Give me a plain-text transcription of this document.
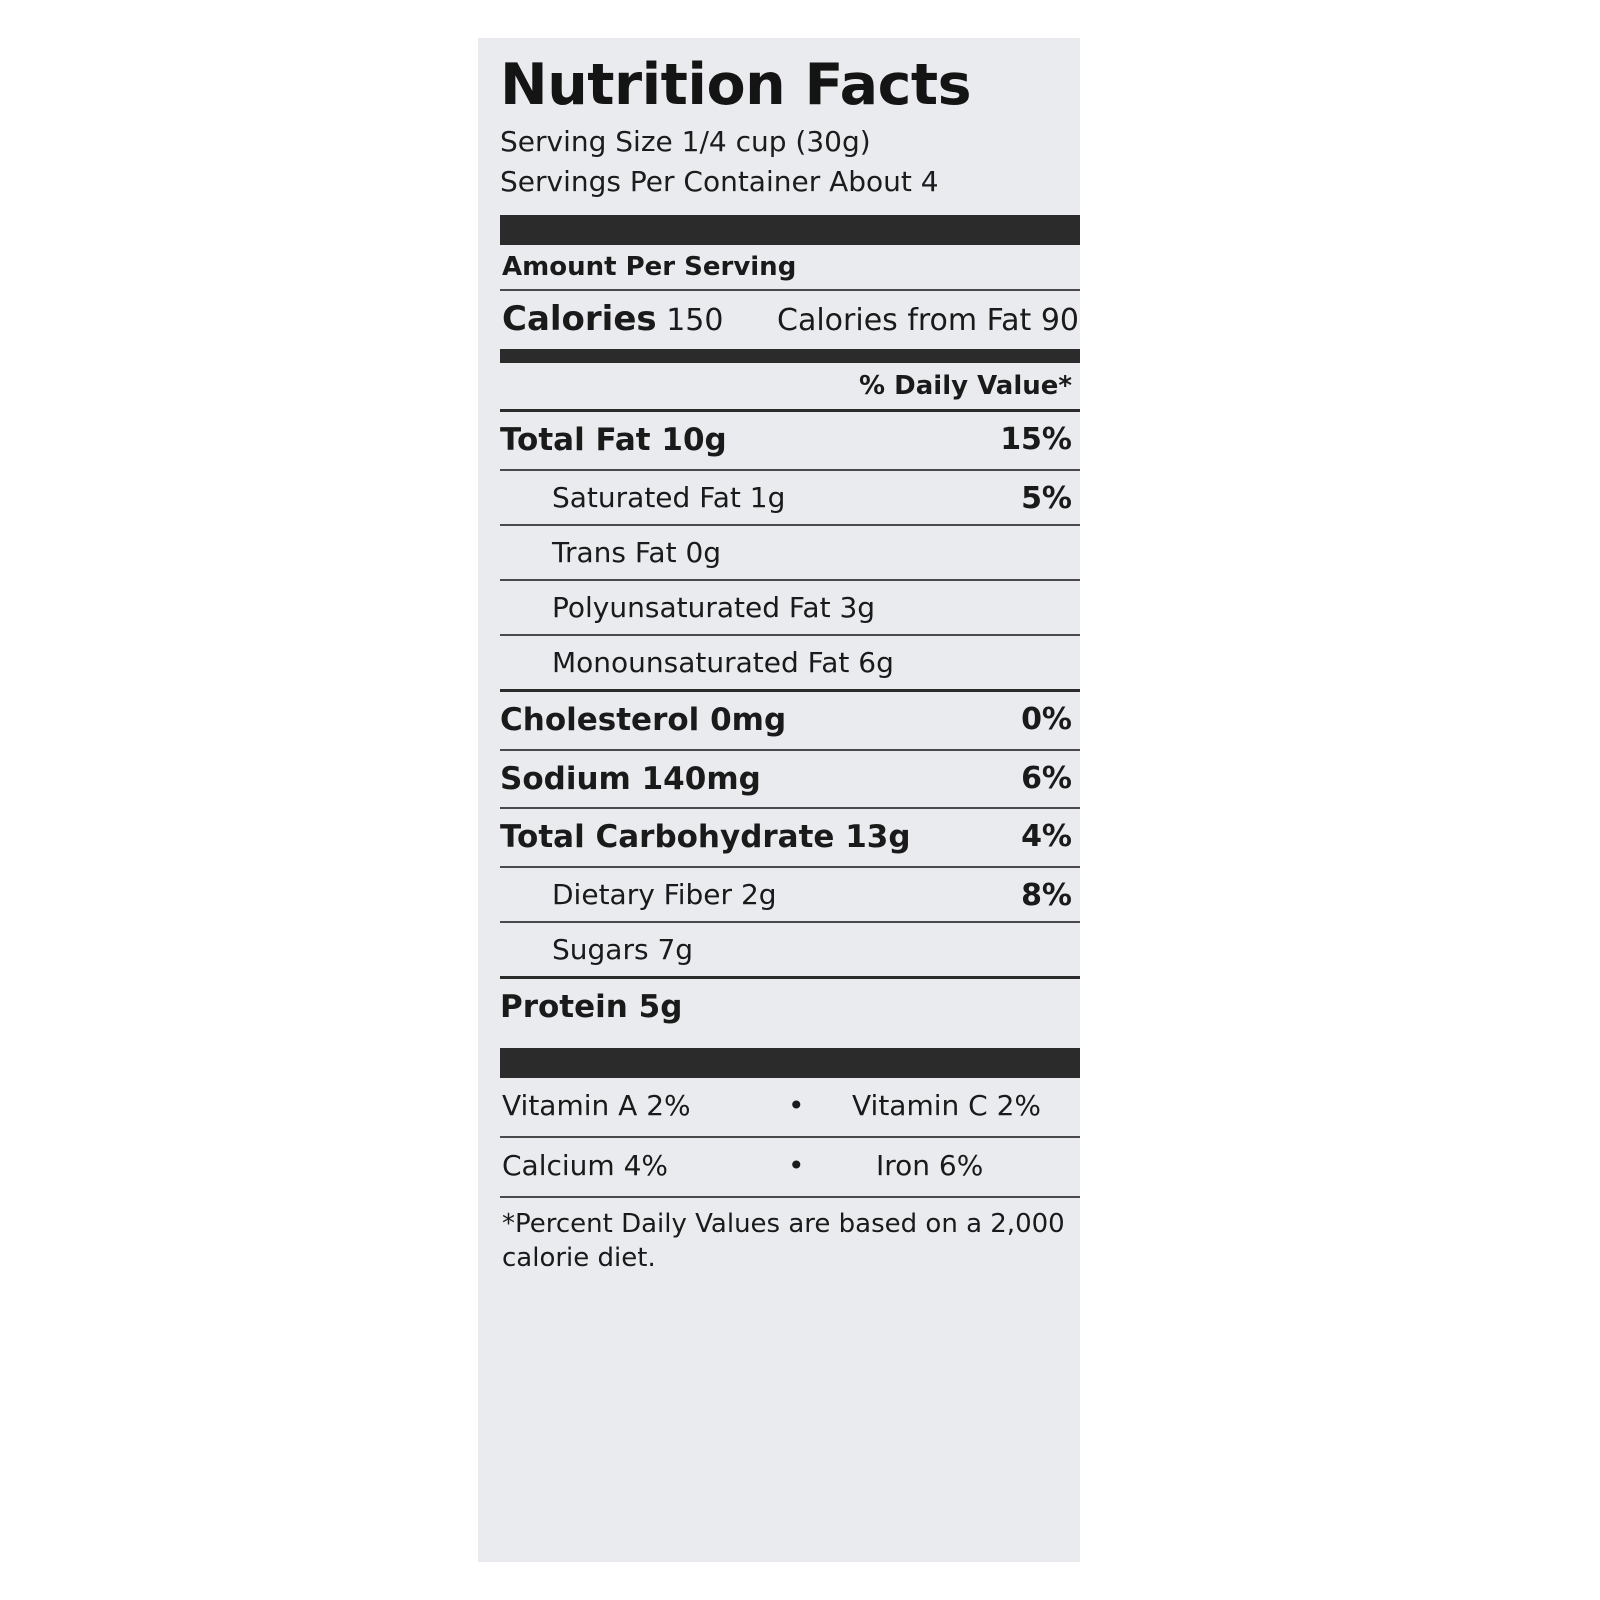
Nutrition Facts
Serving Size 1/4 cup (30g)
Servings Per Container About 4
Amount Per Serving
Calories 150 Calories from Fat 90
% Daily Value*
Total Fat 10g	15%
Saturated Fat 1g	5%
Trans Fat 0g
Polyunsaturated Fat 3g
Monounsaturated Fat 6g
Cholesterol 0mg	0%
Sodium 140mg	6%
Total Carbohydrate 13g	4%
Dietary Fiber 2g	8%
Sugars 7g
Protein 5g
Vitamin A 2%	• Vitamin C 2%
Calcium 4%	•	Iron 6%
*Percent Daily Values are based on a 2,000 calorie diet.
